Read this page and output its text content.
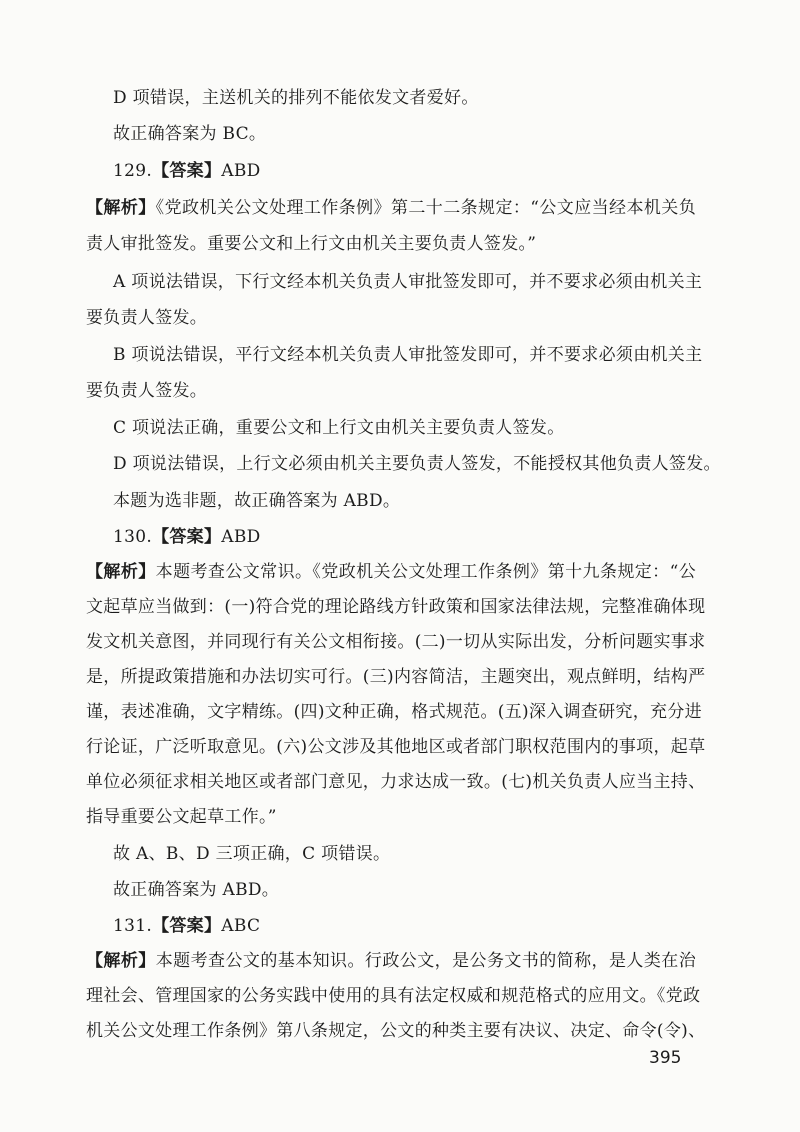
D 项错误，主送机关的排列不能依发文者爱好。
故正确答案为 BC。
129.【答案】ABD
【解析】《党政机关公文处理工作条例》第二十二条规定：“公文应当经本机关负
责人审批签发。重要公文和上行文由机关主要负责人签发。”
A 项说法错误，下行文经本机关负责人审批签发即可，并不要求必须由机关主
要负责人签发。
B 项说法错误，平行文经本机关负责人审批签发即可，并不要求必须由机关主
要负责人签发。
C 项说法正确，重要公文和上行文由机关主要负责人签发。
D 项说法错误，上行文必须由机关主要负责人签发，不能授权其他负责人签发。
本题为选非题，故正确答案为 ABD。
130.【答案】ABD
【解析】本题考查公文常识。《党政机关公文处理工作条例》第十九条规定：“公
文起草应当做到：(一)符合党的理论路线方针政策和国家法律法规，完整准确体现
发文机关意图，并同现行有关公文相衔接。(二)一切从实际出发，分析问题实事求
是，所提政策措施和办法切实可行。(三)内容简洁，主题突出，观点鲜明，结构严
谨，表述准确，文字精练。(四)文种正确，格式规范。(五)深入调查研究，充分进
行论证，广泛听取意见。(六)公文涉及其他地区或者部门职权范围内的事项，起草
单位必须征求相关地区或者部门意见，力求达成一致。(七)机关负责人应当主持、
指导重要公文起草工作。”
故 A、B、D 三项正确，C 项错误。
故正确答案为 ABD。
131.【答案】ABC
【解析】本题考查公文的基本知识。行政公文，是公务文书的简称，是人类在治
理社会、管理国家的公务实践中使用的具有法定权威和规范格式的应用文。《党政
机关公文处理工作条例》第八条规定，公文的种类主要有决议、决定、命令(令)、
395
